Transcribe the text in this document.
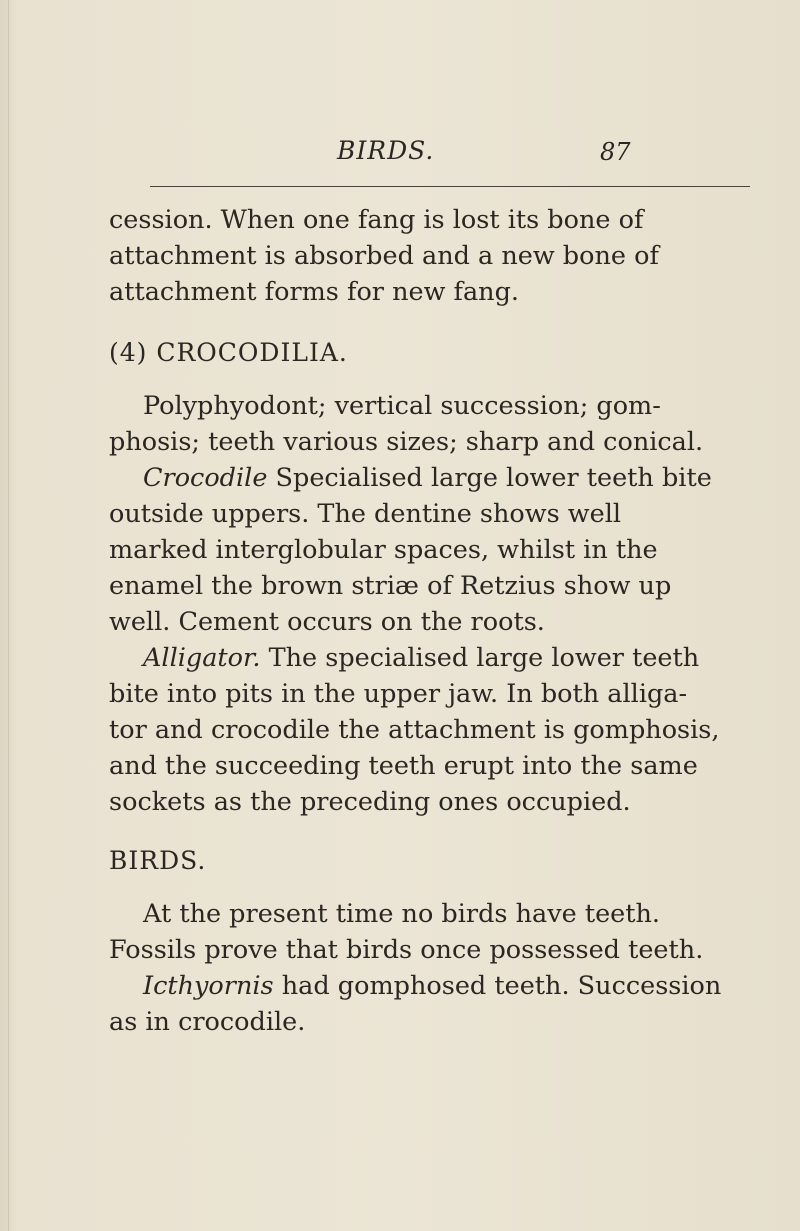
BIRDS.	87
cession. When one fang is lost its bone of
attachment is absorbed and a new bone of
attachment forms for new fang.
(4) CROCODILIA.
Polyphyodont; vertical succession; gom-
phosis; teeth various sizes; sharp and conical.
Crocodile Specialised large lower teeth bite
outside uppers. The dentine shows well
marked interglobular spaces, whilst in the
enamel the brown striæ of Retzius show up
well. Cement occurs on the roots.
Alligator. The specialised large lower teeth
bite into pits in the upper jaw. In both alliga-
tor and crocodile the attachment is gomphosis,
and the succeeding teeth erupt into the same
sockets as the preceding ones occupied.
BIRDS.
At the present time no birds have teeth.
Fossils prove that birds once possessed teeth.
Icthyornis had gomphosed teeth. Succession
as in crocodile.
